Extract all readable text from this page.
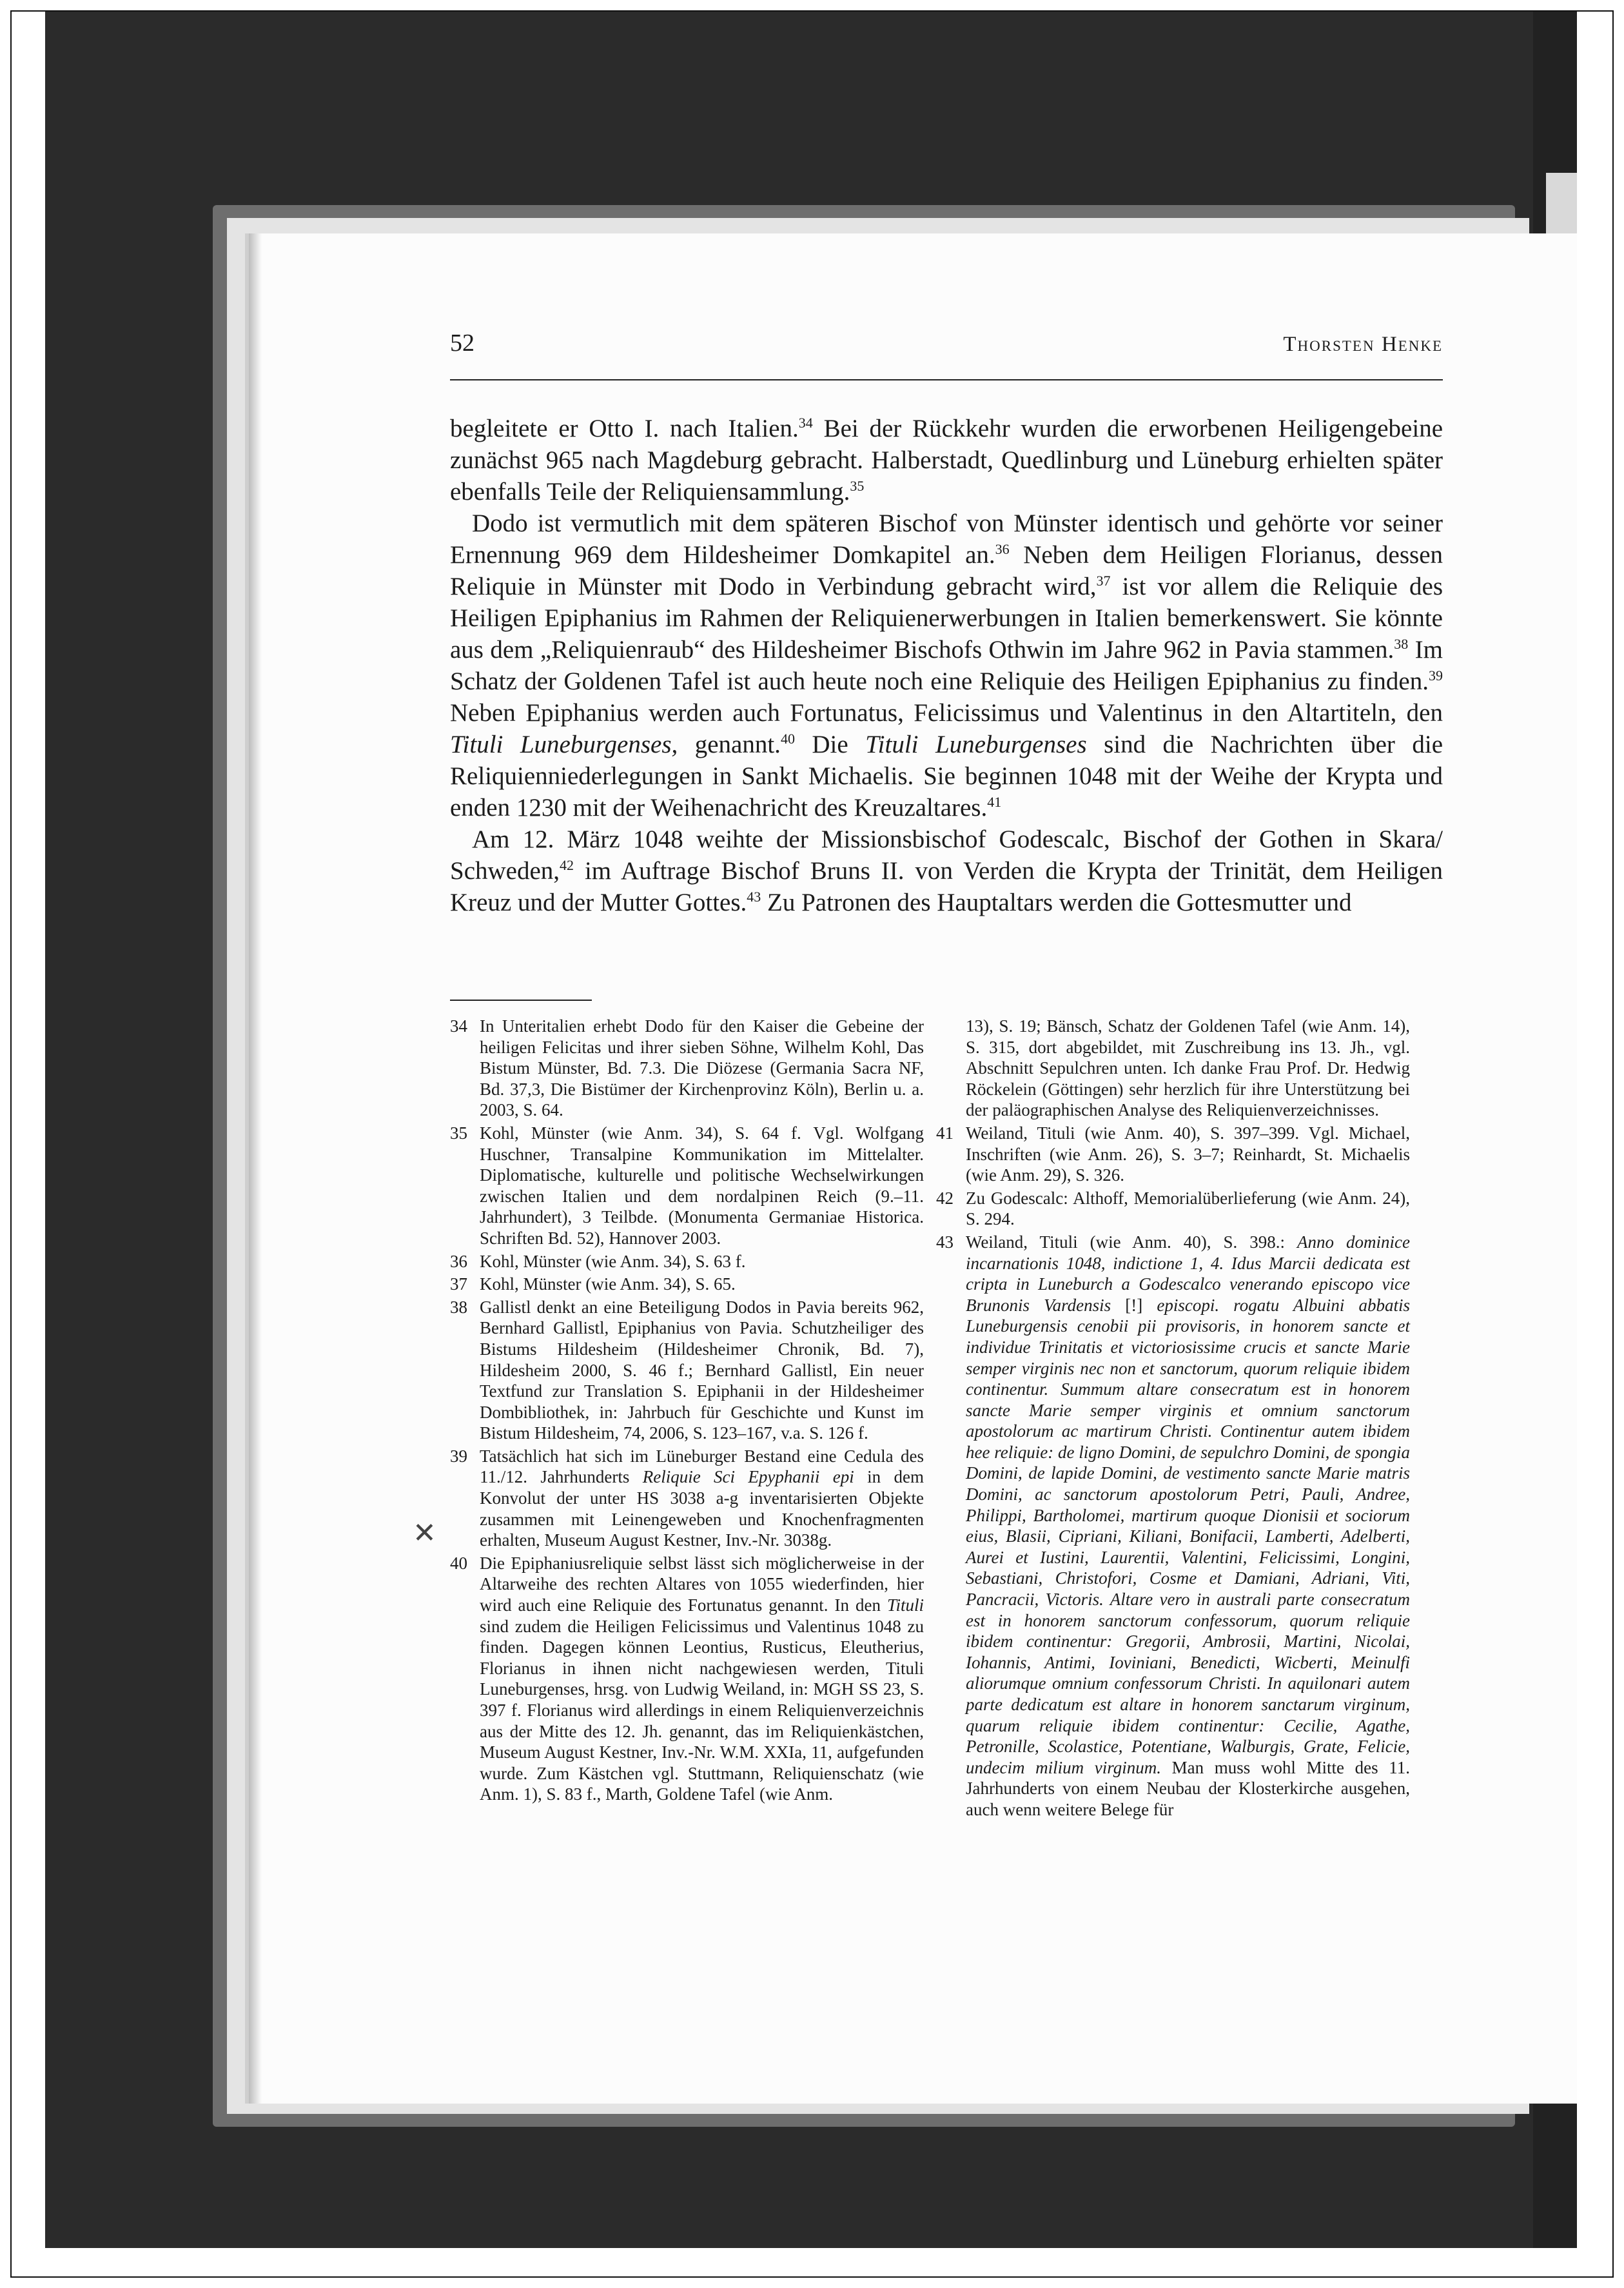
52	Thorsten Henke

begleitete er Otto I. nach Italien.$^{34}$ Bei der Rückkehr wurden die erworbenen Heiligengebeine zunächst 965 nach Magdeburg gebracht. Halberstadt, Quedlinburg und Lüneburg erhielten später ebenfalls Teile der Reliquiensammlung.$^{35}$

Dodo ist vermutlich mit dem späteren Bischof von Münster identisch und gehörte vor seiner Ernennung 969 dem Hildesheimer Domkapitel an.$^{36}$ Neben dem Heiligen Florianus, dessen Reliquie in Münster mit Dodo in Verbindung gebracht wird,$^{37}$ ist vor allem die Reliquie des Heiligen Epiphanius im Rahmen der Reliquienerwerbungen in Italien bemerkenswert. Sie könnte aus dem „Reliquienraub“ des Hildesheimer Bischofs Othwin im Jahre 962 in Pavia stammen.$^{38}$ Im Schatz der Goldenen Tafel ist auch heute noch eine Reliquie des Heiligen Epiphanius zu finden.$^{39}$ Neben Epiphanius werden auch Fortunatus, Felicissimus und Valentinus in den Altartiteln, den Tituli Luneburgenses, genannt.$^{40}$ Die Tituli Luneburgenses sind die Nachrichten über die Reliquienniederlegungen in Sankt Michaelis. Sie beginnen 1048 mit der Weihe der Krypta und enden 1230 mit der Weihenachricht des Kreuzaltares.$^{41}$

Am 12. März 1048 weihte der Missionsbischof Godescalc, Bischof der Gothen in Skara/ Schweden,$^{42}$ im Auftrage Bischof Bruns II. von Verden die Krypta der Trinität, dem Heiligen Kreuz und der Mutter Gottes.$^{43}$ Zu Patronen des Hauptaltars werden die Gottesmutter und

34 In Unteritalien erhebt Dodo für den Kaiser die Gebeine der heiligen Felicitas und ihrer sieben Söhne, Wilhelm Kohl, Das Bistum Münster, Bd. 7.3. Die Diözese (Germania Sacra NF, Bd. 37,3, Die Bistümer der Kirchenprovinz Köln), Berlin u. a. 2003, S. 64.
35 Kohl, Münster (wie Anm. 34), S. 64 f. Vgl. Wolfgang Huschner, Transalpine Kommunikation im Mittelalter. Diplomatische, kulturelle und politische Wechselwirkungen zwischen Italien und dem nordalpinen Reich (9.–11. Jahrhundert), 3 Teilbde. (Monumenta Germaniae Historica. Schriften Bd. 52), Hannover 2003.
36 Kohl, Münster (wie Anm. 34), S. 63 f.
37 Kohl, Münster (wie Anm. 34), S. 65.
38 Gallistl denkt an eine Beteiligung Dodos in Pavia bereits 962, Bernhard Gallistl, Epiphanius von Pavia. Schutzheiliger des Bistums Hildesheim (Hildesheimer Chronik, Bd. 7), Hildesheim 2000, S. 46 f.; Bernhard Gallistl, Ein neuer Textfund zur Translation S. Epiphanii in der Hildesheimer Dombibliothek, in: Jahrbuch für Geschichte und Kunst im Bistum Hildesheim, 74, 2006, S. 123–167, v.a. S. 126 f.
39 Tatsächlich hat sich im Lüneburger Bestand eine Cedula des 11./12. Jahrhunderts Reliquie Sci Epyphanii epi in dem Konvolut der unter HS 3038 a-g inventarisierten Objekte zusammen mit Leinengeweben und Knochenfragmenten erhalten, Museum August Kestner, Inv.-Nr. 3038g.
40 Die Epiphaniusreliquie selbst lässt sich möglicherweise in der Altarweihe des rechten Altares von 1055 wiederfinden, hier wird auch eine Reliquie des Fortunatus genannt. In den Tituli sind zudem die Heiligen Felicissimus und Valentinus 1048 zu finden. Dagegen können Leontius, Rusticus, Eleutherius, Florianus in ihnen nicht nachgewiesen werden, Tituli Luneburgenses, hrsg. von Ludwig Weiland, in: MGH SS 23, S. 397 f. Florianus wird allerdings in einem Reliquienverzeichnis aus der Mitte des 12. Jh. genannt, das im Reliquienkästchen, Museum August Kestner, Inv.-Nr. W.M. XXIa, 11, aufgefunden wurde. Zum Kästchen vgl. Stuttmann, Reliquienschatz (wie Anm. 1), S. 83 f., Marth, Goldene Tafel (wie Anm.
13), S. 19; Bänsch, Schatz der Goldenen Tafel (wie Anm. 14), S. 315, dort abgebildet, mit Zuschreibung ins 13. Jh., vgl. Abschnitt Sepulchren unten. Ich danke Frau Prof. Dr. Hedwig Röckelein (Göttingen) sehr herzlich für ihre Unterstützung bei der paläographischen Analyse des Reliquienverzeichnisses.
41 Weiland, Tituli (wie Anm. 40), S. 397–399. Vgl. Michael, Inschriften (wie Anm. 26), S. 3–7; Reinhardt, St. Michaelis (wie Anm. 29), S. 326.
42 Zu Godescalc: Althoff, Memorialüberlieferung (wie Anm. 24), S. 294.
43 Weiland, Tituli (wie Anm. 40), S. 398.: Anno dominice incarnationis 1048, indictione 1, 4. Idus Marcii dedicata est cripta in Luneburch a Godescalco venerando episcopo vice Brunonis Vardensis [!] episcopi. rogatu Albuini abbatis Luneburgensis cenobii pii provisoris, in honorem sancte et individue Trinitatis et victoriosissime crucis et sancte Marie semper virginis nec non et sanctorum, quorum reliquie ibidem continentur. Summum altare consecratum est in honorem sancte Marie semper virginis et omnium sanctorum apostolorum ac martirum Christi. Continentur autem ibidem hee reliquie: de ligno Domini, de sepulchro Domini, de spongia Domini, de lapide Domini, de vestimento sancte Marie matris Domini, ac sanctorum apostolorum Petri, Pauli, Andree, Philippi, Bartholomei, martirum quoque Dionisii et sociorum eius, Blasii, Cipriani, Kiliani, Bonifacii, Lamberti, Adelberti, Aurei et Iustini, Laurentii, Valentini, Felicissimi, Longini, Sebastiani, Christofori, Cosme et Damiani, Adriani, Viti, Pancracii, Victoris. Altare vero in australi parte consecratum est in honorem sanctorum confessorum, quorum reliquie ibidem continentur: Gregorii, Ambrosii, Martini, Nicolai, Iohannis, Antimi, Ioviniani, Benedicti, Wicberti, Meinulfi aliorumque omnium confessorum Christi. In aquilonari autem parte dedicatum est altare in honorem sanctarum virginum, quarum reliquie ibidem continentur: Cecilie, Agathe, Petronille, Scolastice, Potentiane, Walburgis, Grate, Felicie, undecim milium virginum. Man muss wohl Mitte des 11. Jahrhunderts von einem Neubau der Klosterkirche ausgehen, auch wenn weitere Belege für
✕
